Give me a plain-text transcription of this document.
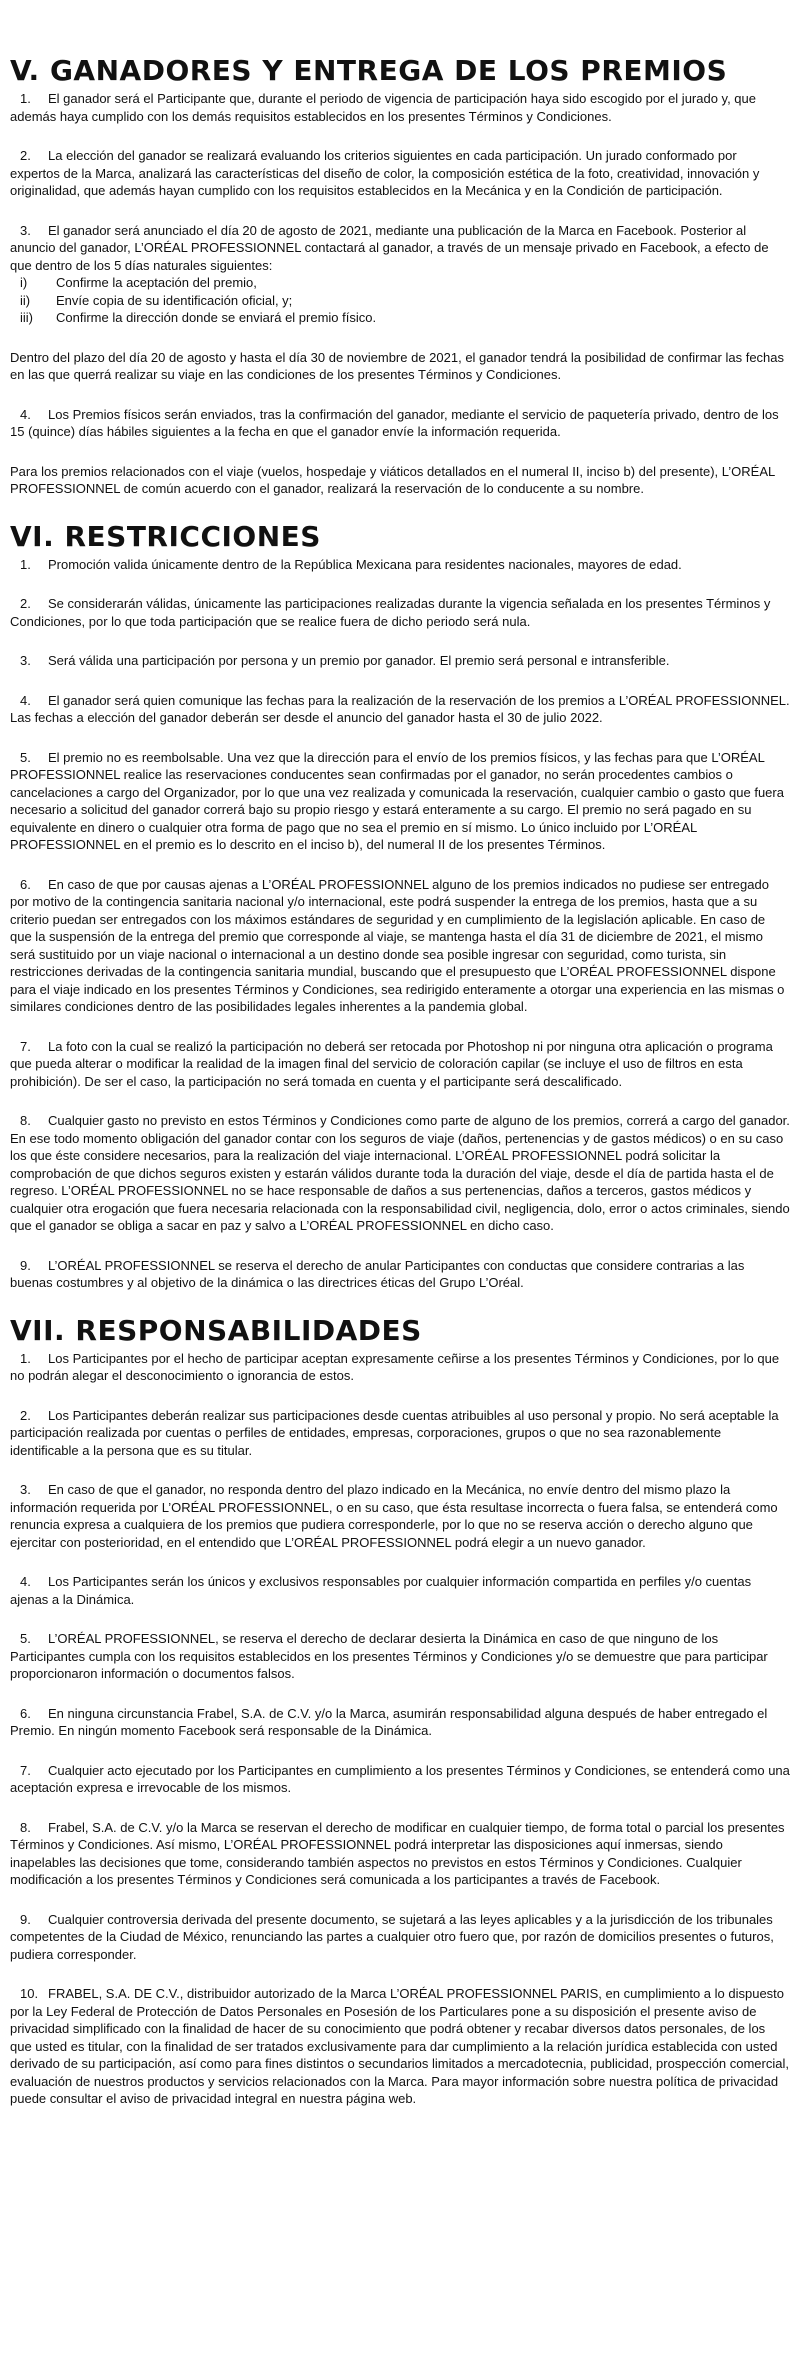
V. GANADORES Y ENTREGA DE LOS PREMIOS

1. El ganador será el Participante que, durante el periodo de vigencia de participación haya sido escogido por el jurado y, que además haya cumplido con los demás requisitos establecidos en los presentes Términos y Condiciones.

2. La elección del ganador se realizará evaluando los criterios siguientes en cada participación. Un jurado conformado por expertos de la Marca, analizará las características del diseño de color, la composición estética de la foto, creatividad, innovación y originalidad, que además hayan cumplido con los requisitos establecidos en la Mecánica y en la Condición de participación.

3. El ganador será anunciado el día 20 de agosto de 2021, mediante una publicación de la Marca en Facebook. Posterior al anuncio del ganador, L’ORÉAL PROFESSIONNEL contactará al ganador, a través de un mensaje privado en Facebook, a efecto de que dentro de los 5 días naturales siguientes:

i)	Confirme la aceptación del premio,
ii)	Envíe copia de su identificación oficial, y;
iii)	Confirme la dirección donde se enviará el premio físico.

Dentro del plazo del día 20 de agosto y hasta el día 30 de noviembre de 2021, el ganador tendrá la posibilidad de confirmar las fechas en las que querrá realizar su viaje en las condiciones de los presentes Términos y Condiciones.

4. Los Premios físicos serán enviados, tras la confirmación del ganador, mediante el servicio de paquetería privado, dentro de los 15 (quince) días hábiles siguientes a la fecha en que el ganador envíe la información requerida.

Para los premios relacionados con el viaje (vuelos, hospedaje y viáticos detallados en el numeral II, inciso b) del presente), L’ORÉAL PROFESSIONNEL de común acuerdo con el ganador, realizará la reservación de lo conducente a su nombre.

VI. RESTRICCIONES

1. Promoción valida únicamente dentro de la República Mexicana para residentes nacionales, mayores de edad.

2. Se considerarán válidas, únicamente las participaciones realizadas durante la vigencia señalada en los presentes Términos y Condiciones, por lo que toda participación que se realice fuera de dicho periodo será nula.

3. Será válida una participación por persona y un premio por ganador. El premio será personal e intransferible.

4. El ganador será quien comunique las fechas para la realización de la reservación de los premios a L’ORÉAL PROFESSIONNEL. Las fechas a elección del ganador deberán ser desde el anuncio del ganador hasta el 30 de julio 2022.

5. El premio no es reembolsable. Una vez que la dirección para el envío de los premios físicos, y las fechas para que L’ORÉAL PROFESSIONNEL realice las reservaciones conducentes sean confirmadas por el ganador, no serán procedentes cambios o cancelaciones a cargo del Organizador, por lo que una vez realizada y comunicada la reservación, cualquier cambio o gasto que fuera necesario a solicitud del ganador correrá bajo su propio riesgo y estará enteramente a su cargo. El premio no será pagado en su equivalente en dinero o cualquier otra forma de pago que no sea el premio en sí mismo. Lo único incluido por L’ORÉAL PROFESSIONNEL en el premio es lo descrito en el inciso b), del numeral II de los presentes Términos.

6. En caso de que por causas ajenas a L’ORÉAL PROFESSIONNEL alguno de los premios indicados no pudiese ser entregado por motivo de la contingencia sanitaria nacional y/o internacional, este podrá suspender la entrega de los premios, hasta que a su criterio puedan ser entregados con los máximos estándares de seguridad y en cumplimiento de la legislación aplicable. En caso de que la suspensión de la entrega del premio que corresponde al viaje, se mantenga hasta el día 31 de diciembre de 2021, el mismo será sustituido por un viaje nacional o internacional a un destino donde sea posible ingresar con seguridad, como turista, sin restricciones derivadas de la contingencia sanitaria mundial, buscando que el presupuesto que L’ORÉAL PROFESSIONNEL dispone para el viaje indicado en los presentes Términos y Condiciones, sea redirigido enteramente a otorgar una experiencia en las mismas o similares condiciones dentro de las posibilidades legales inherentes a la pandemia global.

7. La foto con la cual se realizó la participación no deberá ser retocada por Photoshop ni por ninguna otra aplicación o programa que pueda alterar o modificar la realidad de la imagen final del servicio de coloración capilar (se incluye el uso de filtros en esta prohibición). De ser el caso, la participación no será tomada en cuenta y el participante será descalificado.

8. Cualquier gasto no previsto en estos Términos y Condiciones como parte de alguno de los premios, correrá a cargo del ganador. En ese todo momento obligación del ganador contar con los seguros de viaje (daños, pertenencias y de gastos médicos) o en su caso los que éste considere necesarios, para la realización del viaje internacional. L’ORÉAL PROFESSIONNEL podrá solicitar la comprobación de que dichos seguros existen y estarán válidos durante toda la duración del viaje, desde el día de partida hasta el de regreso. L’ORÉAL PROFESSIONNEL no se hace responsable de daños a sus pertenencias, daños a terceros, gastos médicos y cualquier otra erogación que fuera necesaria relacionada con la responsabilidad civil, negligencia, dolo, error o actos criminales, siendo que el ganador se obliga a sacar en paz y salvo a L’ORÉAL PROFESSIONNEL en dicho caso.

9. L’ORÉAL PROFESSIONNEL se reserva el derecho de anular Participantes con conductas que considere contrarias a las buenas costumbres y al objetivo de la dinámica o las directrices éticas del Grupo L’Oréal.

VII. RESPONSABILIDADES

1. Los Participantes por el hecho de participar aceptan expresamente ceñirse a los presentes Términos y Condiciones, por lo que no podrán alegar el desconocimiento o ignorancia de estos.

2. Los Participantes deberán realizar sus participaciones desde cuentas atribuibles al uso personal y propio. No será aceptable la participación realizada por cuentas o perfiles de entidades, empresas, corporaciones, grupos o que no sea razonablemente identificable a la persona que es su titular.

3. En caso de que el ganador, no responda dentro del plazo indicado en la Mecánica, no envíe dentro del mismo plazo la información requerida por L’ORÉAL PROFESSIONNEL, o en su caso, que ésta resultase incorrecta o fuera falsa, se entenderá como renuncia expresa a cualquiera de los premios que pudiera corresponderle, por lo que no se reserva acción o derecho alguno que ejercitar con posterioridad, en el entendido que L’ORÉAL PROFESSIONNEL podrá elegir a un nuevo ganador.

4. Los Participantes serán los únicos y exclusivos responsables por cualquier información compartida en perfiles y/o cuentas ajenas a la Dinámica.

5. L’ORÉAL PROFESSIONNEL, se reserva el derecho de declarar desierta la Dinámica en caso de que ninguno de los Participantes cumpla con los requisitos establecidos en los presentes Términos y Condiciones y/o se demuestre que para participar proporcionaron información o documentos falsos.

6. En ninguna circunstancia Frabel, S.A. de C.V. y/o la Marca, asumirán responsabilidad alguna después de haber entregado el Premio. En ningún momento Facebook será responsable de la Dinámica.

7. Cualquier acto ejecutado por los Participantes en cumplimiento a los presentes Términos y Condiciones, se entenderá como una aceptación expresa e irrevocable de los mismos.

8. Frabel, S.A. de C.V. y/o la Marca se reservan el derecho de modificar en cualquier tiempo, de forma total o parcial los presentes Términos y Condiciones. Así mismo, L’ORÉAL PROFESSIONNEL podrá interpretar las disposiciones aquí inmersas, siendo inapelables las decisiones que tome, considerando también aspectos no previstos en estos Términos y Condiciones. Cualquier modificación a los presentes Términos y Condiciones será comunicada a los participantes a través de Facebook.

9. Cualquier controversia derivada del presente documento, se sujetará a las leyes aplicables y a la jurisdicción de los tribunales competentes de la Ciudad de México, renunciando las partes a cualquier otro fuero que, por razón de domicilios presentes o futuros, pudiera corresponder.

10. FRABEL, S.A. DE C.V., distribuidor autorizado de la Marca L’ORÉAL PROFESSIONNEL PARIS, en cumplimiento a lo dispuesto por la Ley Federal de Protección de Datos Personales en Posesión de los Particulares pone a su disposición el presente aviso de privacidad simplificado con la finalidad de hacer de su conocimiento que podrá obtener y recabar diversos datos personales, de los que usted es titular, con la finalidad de ser tratados exclusivamente para dar cumplimiento a la relación jurídica establecida con usted derivado de su participación, así como para fines distintos o secundarios limitados a mercadotecnia, publicidad, prospección comercial, evaluación de nuestros productos y servicios relacionados con la Marca. Para mayor información sobre nuestra política de privacidad puede consultar el aviso de privacidad integral en nuestra página web.
